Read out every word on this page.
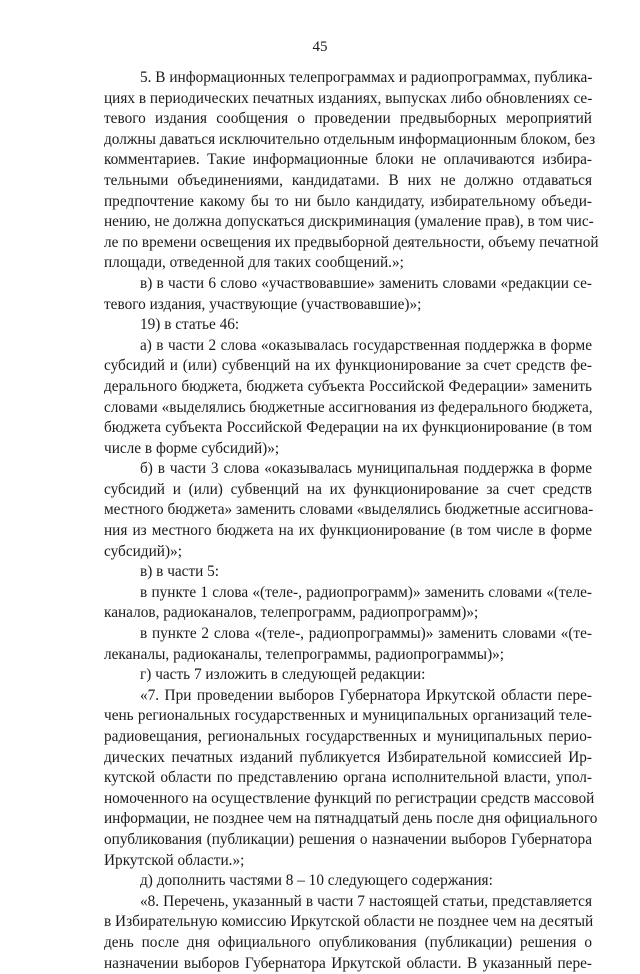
45
5. В информационных телепрограммах и радиопрограммах, публика-
циях в периодических печатных изданиях, выпусках либо обновлениях се-
тевого издания сообщения о проведении предвыборных мероприятий
должны даваться исключительно отдельным информационным блоком, без
комментариев. Такие информационные блоки не оплачиваются избира-
тельными объединениями, кандидатами. В них не должно отдаваться
предпочтение какому бы то ни было кандидату, избирательному объеди-
нению, не должна допускаться дискриминация (умаление прав), в том чис-
ле по времени освещения их предвыборной деятельности, объему печатной
площади, отведенной для таких сообщений.»;
в) в части 6 слово «участвовавшие» заменить словами «редакции се-
тевого издания, участвующие (участвовавшие)»;
19) в статье 46:
а) в части 2 слова «оказывалась государственная поддержка в форме
субсидий и (или) субвенций на их функционирование за счет средств фе-
дерального бюджета, бюджета субъекта Российской Федерации» заменить
словами «выделялись бюджетные ассигнования из федерального бюджета,
бюджета субъекта Российской Федерации на их функционирование (в том
числе в форме субсидий)»;
б) в части 3 слова «оказывалась муниципальная поддержка в форме
субсидий и (или) субвенций на их функционирование за счет средств
местного бюджета» заменить словами «выделялись бюджетные ассигнова-
ния из местного бюджета на их функционирование (в том числе в форме
субсидий)»;
в) в части 5:
в пункте 1 слова «(теле-, радиопрограмм)» заменить словами «(теле-
каналов, радиоканалов, телепрограмм, радиопрограмм)»;
в пункте 2 слова «(теле-, радиопрограммы)» заменить словами «(те-
леканалы, радиоканалы, телепрограммы, радиопрограммы)»;
г) часть 7 изложить в следующей редакции:
«7. При проведении выборов Губернатора Иркутской области пере-
чень региональных государственных и муниципальных организаций теле-
радиовещания, региональных государственных и муниципальных перио-
дических печатных изданий публикуется Избирательной комиссией Ир-
кутской области по представлению органа исполнительной власти, упол-
номоченного на осуществление функций по регистрации средств массовой
информации, не позднее чем на пятнадцатый день после дня официального
опубликования (публикации) решения о назначении выборов Губернатора
Иркутской области.»;
д) дополнить частями 8 – 10 следующего содержания:
«8. Перечень, указанный в части 7 настоящей статьи, представляется
в Избирательную комиссию Иркутской области не позднее чем на десятый
день после дня официального опубликования (публикации) решения о
назначении выборов Губернатора Иркутской области. В указанный пере-
